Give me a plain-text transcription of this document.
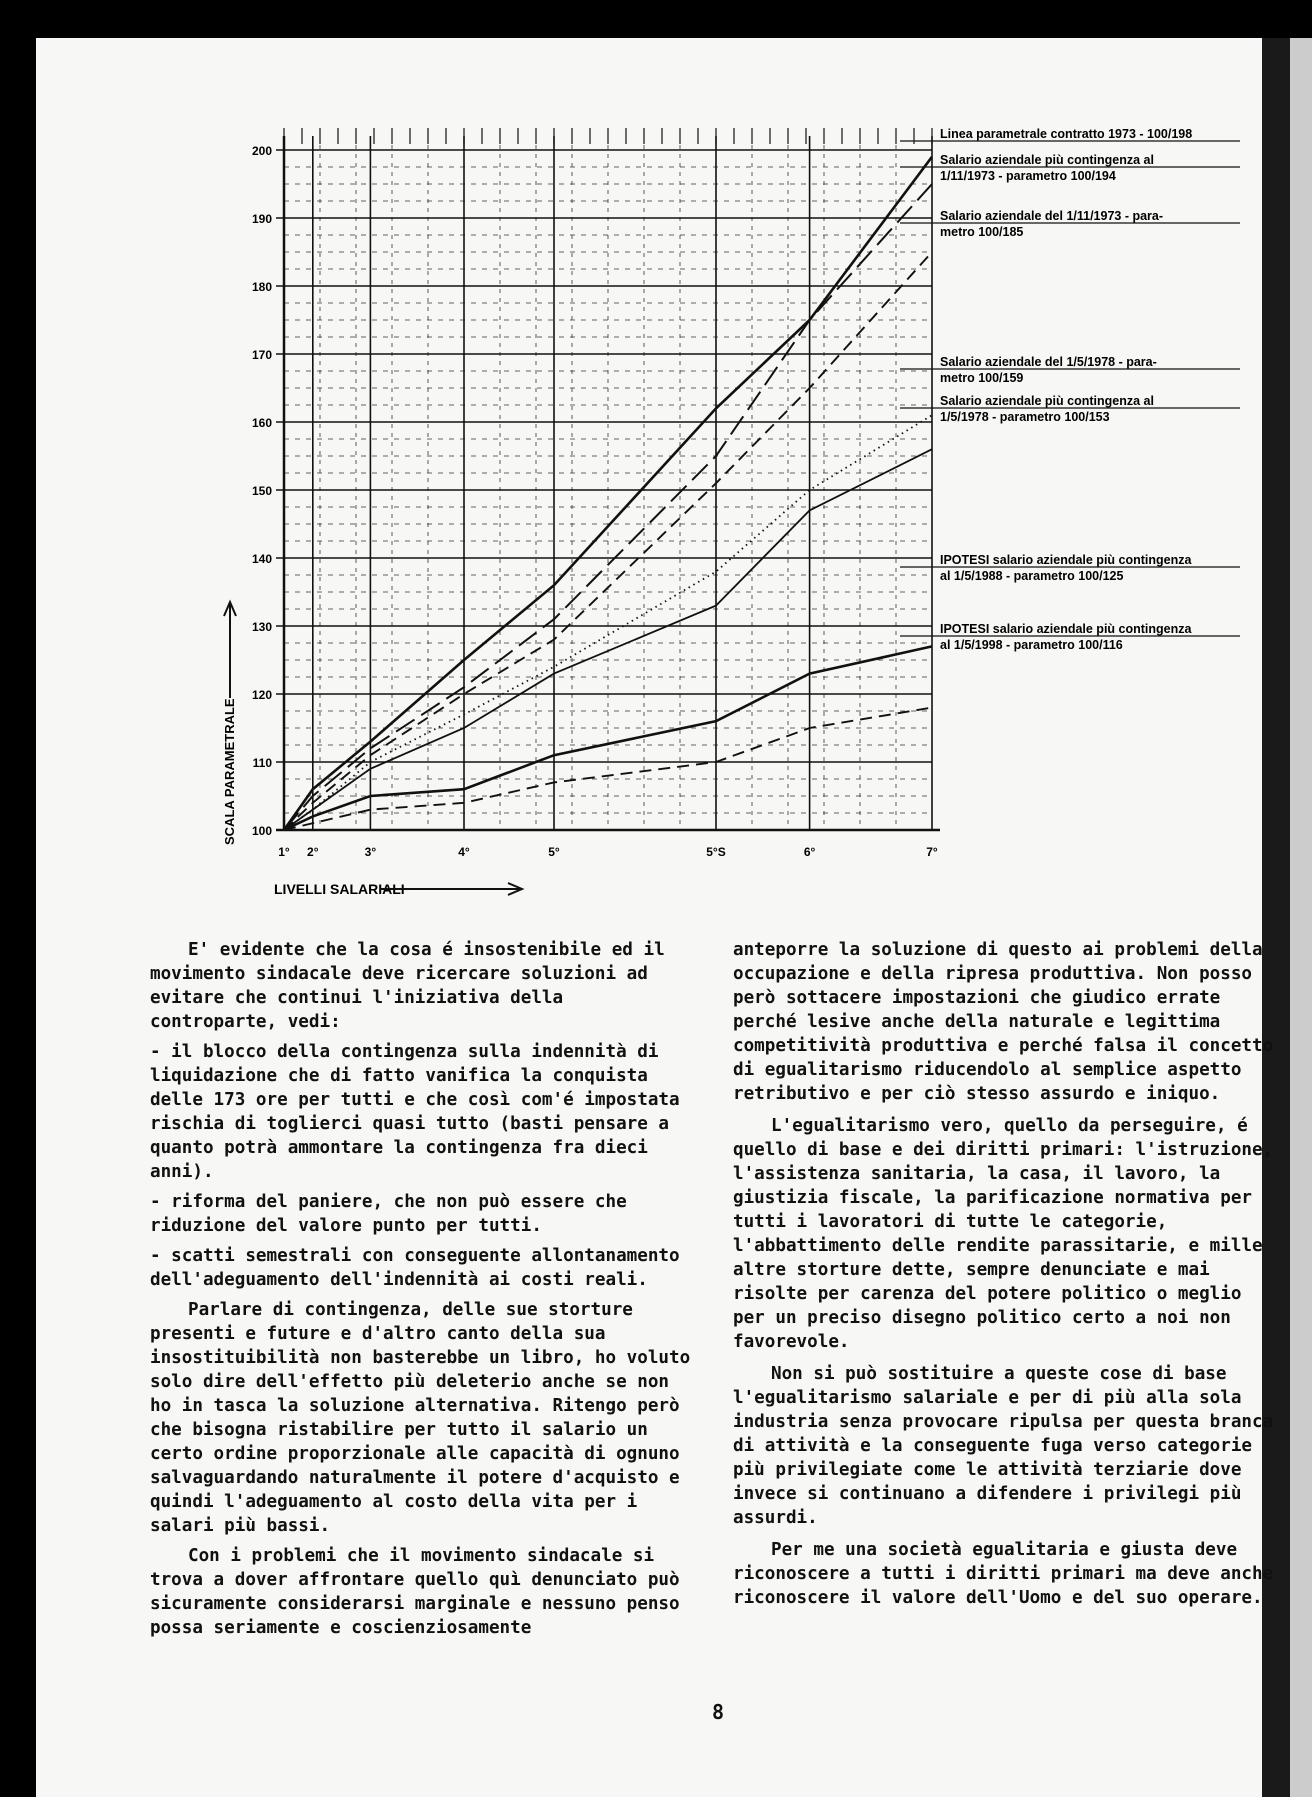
100
110
120
130
140
150
160
170
180
190
200
1° 2°	3°	4°	5°	5°S	6°	7°
Linea parametrale contratto 1973 - 100/198
Salario aziendale più contingenza al
1/11/1973 - parametro 100/194
Salario aziendale del 1/11/1973 - para-
metro 100/185
Salario aziendale del 1/5/1978 - para-
metro 100/159
Salario aziendale più contingenza al
1/5/1978 - parametro 100/153
IPOTESI salario aziendale più contingenza
al 1/5/1988 - parametro 100/125
IPOTESI salario aziendale più contingenza
al 1/5/1998 - parametro 100/116
SCALA PARAMETRALE
LIVELLI SALARIALI

E' evidente che la cosa é insostenibile ed il movimento sindacale deve ricercare soluzioni ad evitare che continui l'iniziativa della controparte, vedi:

- il blocco della contingenza sulla indennità di liquidazione che di fatto vanifica la conquista delle 173 ore per tutti e che così com'é impostata rischia di toglierci quasi tutto (basti pensare a quanto potrà ammontare la contingenza fra dieci anni).

- riforma del paniere, che non può essere che riduzione del valore punto per tutti.

- scatti semestrali con conseguente allontanamento dell'adeguamento dell'indennità ai costi reali.

Parlare di contingenza, delle sue storture presenti e future e d'altro canto della sua insostituibilità non basterebbe un libro, ho voluto solo dire dell'effetto più deleterio anche se non ho in tasca la soluzione alternativa. Ritengo però che bisogna ristabilire per tutto il salario un certo ordine proporzionale alle capacità di ognuno salvaguardando naturalmente il potere d'acquisto e quindi l'adeguamento al costo della vita per i salari più bassi.

Con i problemi che il movimento sindacale si trova a dover affrontare quello quì denunciato può sicuramente considerarsi marginale e nessuno penso possa seriamente e coscienziosamente

anteporre la soluzione di questo ai problemi della occupazione e della ripresa produttiva. Non posso però sottacere impostazioni che giudico errate perché lesive anche della naturale e legittima competitività produttiva e perché falsa il concetto di egualitarismo riducendolo al semplice aspetto retributivo e per ciò stesso assurdo e iniquo.

L'egualitarismo vero, quello da perseguire, é quello di base e dei diritti primari: l'istruzione, l'assistenza sanitaria, la casa, il lavoro, la giustizia fiscale, la parificazione normativa per tutti i lavoratori di tutte le categorie, l'abbattimento delle rendite parassitarie, e mille altre storture dette, sempre denunciate e mai risolte per carenza del potere politico o meglio per un preciso disegno politico certo a noi non favorevole.

Non si può sostituire a queste cose di base l'egualitarismo salariale e per di più alla sola industria senza provocare ripulsa per questa branca di attività e la conseguente fuga verso categorie più privilegiate come le attività terziarie dove invece si continuano a difendere i privilegi più assurdi.

Per me una società egualitaria e giusta deve riconoscere a tutti i diritti primari ma deve anche riconoscere il valore dell'Uomo e del suo operare.

8
